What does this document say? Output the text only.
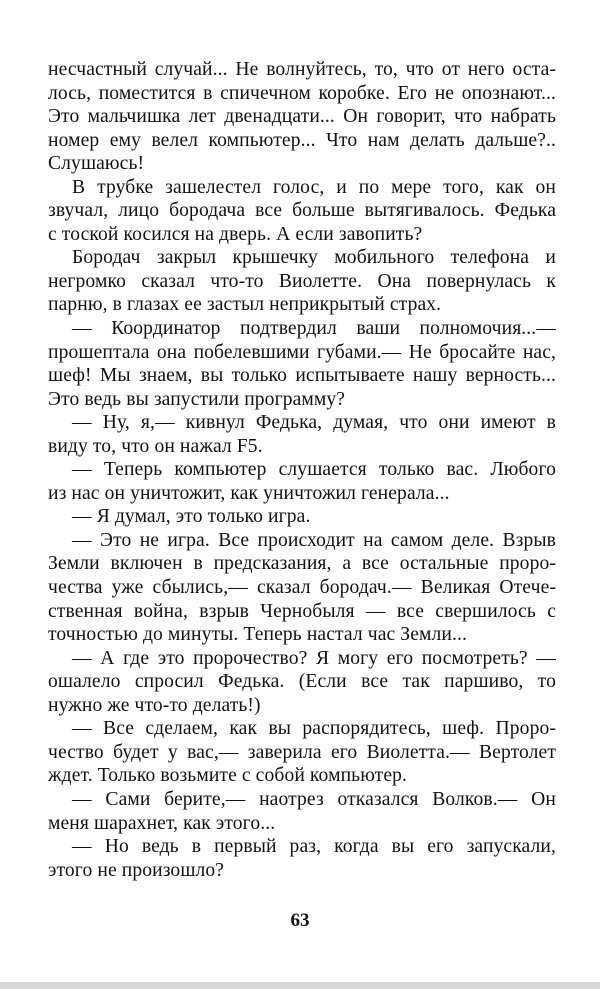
несчастный случай... Не волнуйтесь, то, что от него оста-
лось, поместится в спичечном коробке. Его не опознают...
Это мальчишка лет двенадцати... Он говорит, что набрать
номер ему велел компьютер... Что нам делать дальше?..
Слушаюсь!
В трубке зашелестел голос, и по мере того, как он
звучал, лицо бородача все больше вытягивалось. Федька
с тоской косился на дверь. А если завопить?
Бородач закрыл крышечку мобильного телефона и
негромко сказал что-то Виолетте. Она повернулась к
парню, в глазах ее застыл неприкрытый страх.
— Координатор подтвердил ваши полномочия...—
прошептала она побелевшими губами.— Не бросайте нас,
шеф! Мы знаем, вы только испытываете нашу верность...
Это ведь вы запустили программу?
— Ну, я,— кивнул Федька, думая, что они имеют в
виду то, что он нажал F5.
— Теперь компьютер слушается только вас. Любого
из нас он уничтожит, как уничтожил генерала...
— Я думал, это только игра.
— Это не игра. Все происходит на самом деле. Взрыв
Земли включен в предсказания, а все остальные проро-
чества уже сбылись,— сказал бородач.— Великая Отече-
ственная война, взрыв Чернобыля — все свершилось с
точностью до минуты. Теперь настал час Земли...
— А где это пророчество? Я могу его посмотреть? —
ошалело спросил Федька. (Если все так паршиво, то
нужно же что-то делать!)
— Все сделаем, как вы распорядитесь, шеф. Проро-
чество будет у вас,— заверила его Виолетта.— Вертолет
ждет. Только возьмите с собой компьютер.
— Сами берите,— наотрез отказался Волков.— Он
меня шарахнет, как этого...
— Но ведь в первый раз, когда вы его запускали,
этого не произошло?
63
